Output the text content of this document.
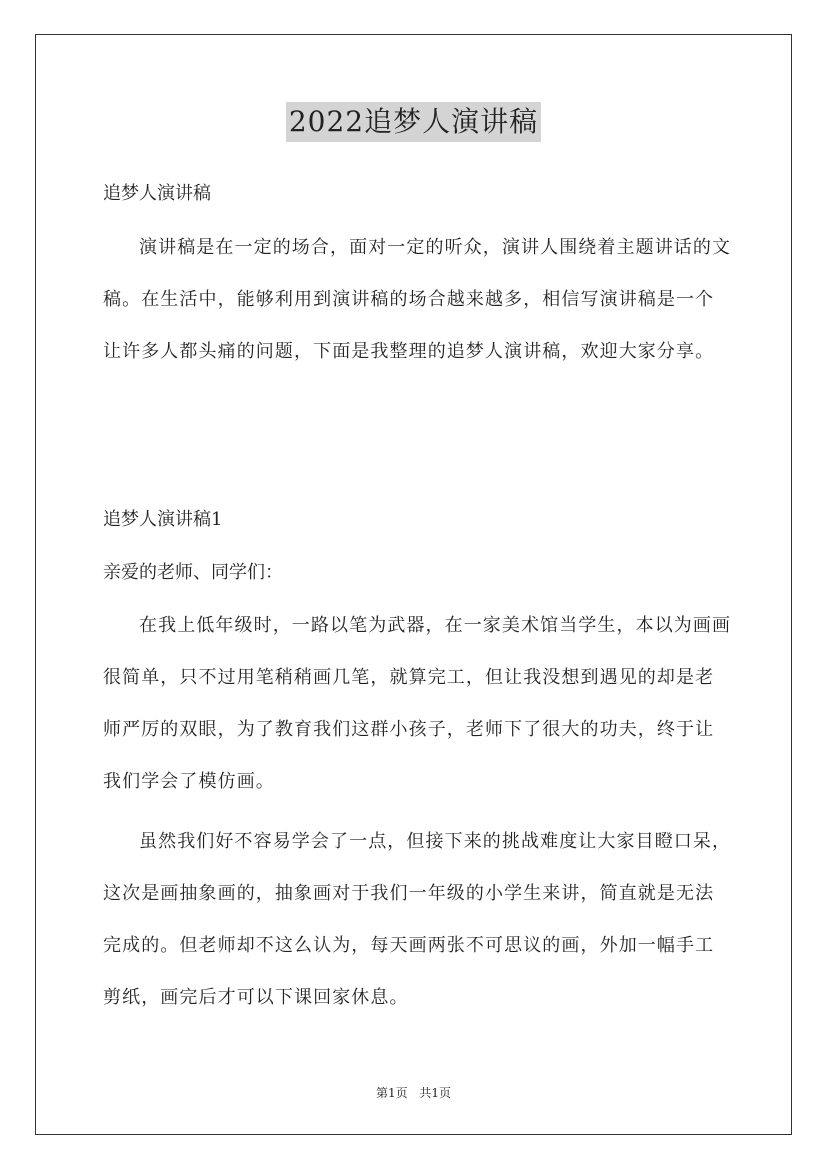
2022追梦人演讲稿
追梦人演讲稿

演讲稿是在一定的场合，面对一定的听众，演讲人围绕着主题讲话的文稿。在生活中，能够利用到演讲稿的场合越来越多，相信写演讲稿是一个让许多人都头痛的问题，下面是我整理的追梦人演讲稿，欢迎大家分享。

追梦人演讲稿1
亲爱的老师、同学们：

在我上低年级时，一路以笔为武器，在一家美术馆当学生，本以为画画很简单，只不过用笔稍稍画几笔，就算完工，但让我没想到遇见的却是老师严厉的双眼，为了教育我们这群小孩子，老师下了很大的功夫，终于让我们学会了模仿画。

虽然我们好不容易学会了一点，但接下来的挑战难度让大家目瞪口呆，这次是画抽象画的，抽象画对于我们一年级的小学生来讲，简直就是无法完成的。但老师却不这么认为，每天画两张不可思议的画，外加一幅手工剪纸，画完后才可以下课回家休息。

第1页 共1页
